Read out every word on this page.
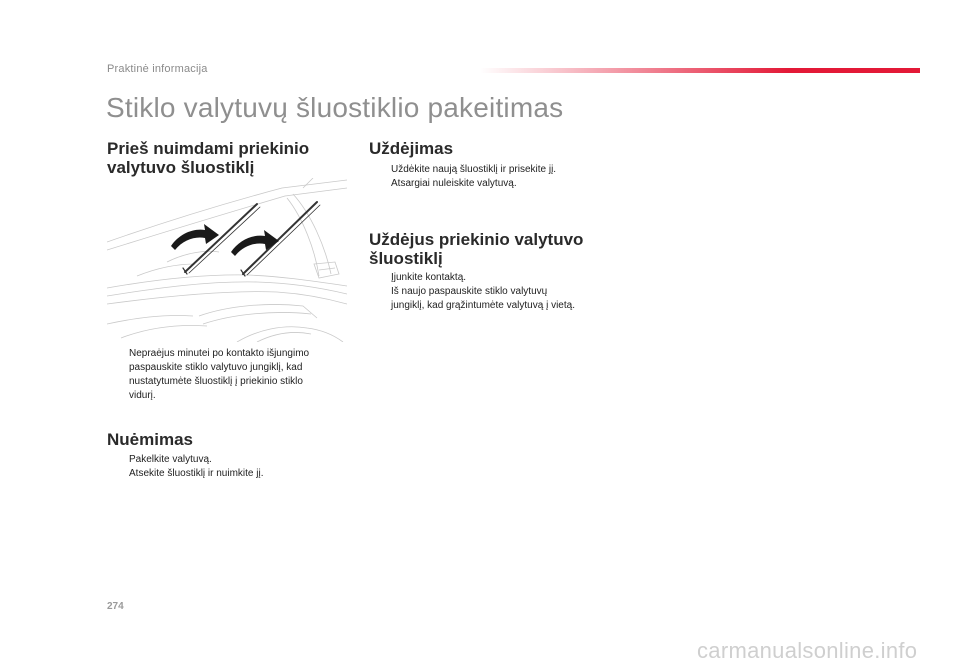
Praktinė informacija
Stiklo valytuvų šluostiklio pakeitimas
Prieš nuimdami priekinio
valytuvo šluostiklį
Nepraėjus minutei po kontakto išjungimo
paspauskite stiklo valytuvo jungiklį, kad
nustatytumėte šluostiklį į priekinio stiklo
vidurį.
Nuėmimas
Pakelkite valytuvą.
Atsekite šluostiklį ir nuimkite jį.
Uždėjimas
Uždėkite naują šluostiklį ir prisekite jį.
Atsargiai nuleiskite valytuvą.
Uždėjus priekinio valytuvo
šluostiklį
Įjunkite kontaktą.
Iš naujo paspauskite stiklo valytuvų
jungiklį, kad grąžintumėte valytuvą į vietą.
274
carmanualsonline.info
